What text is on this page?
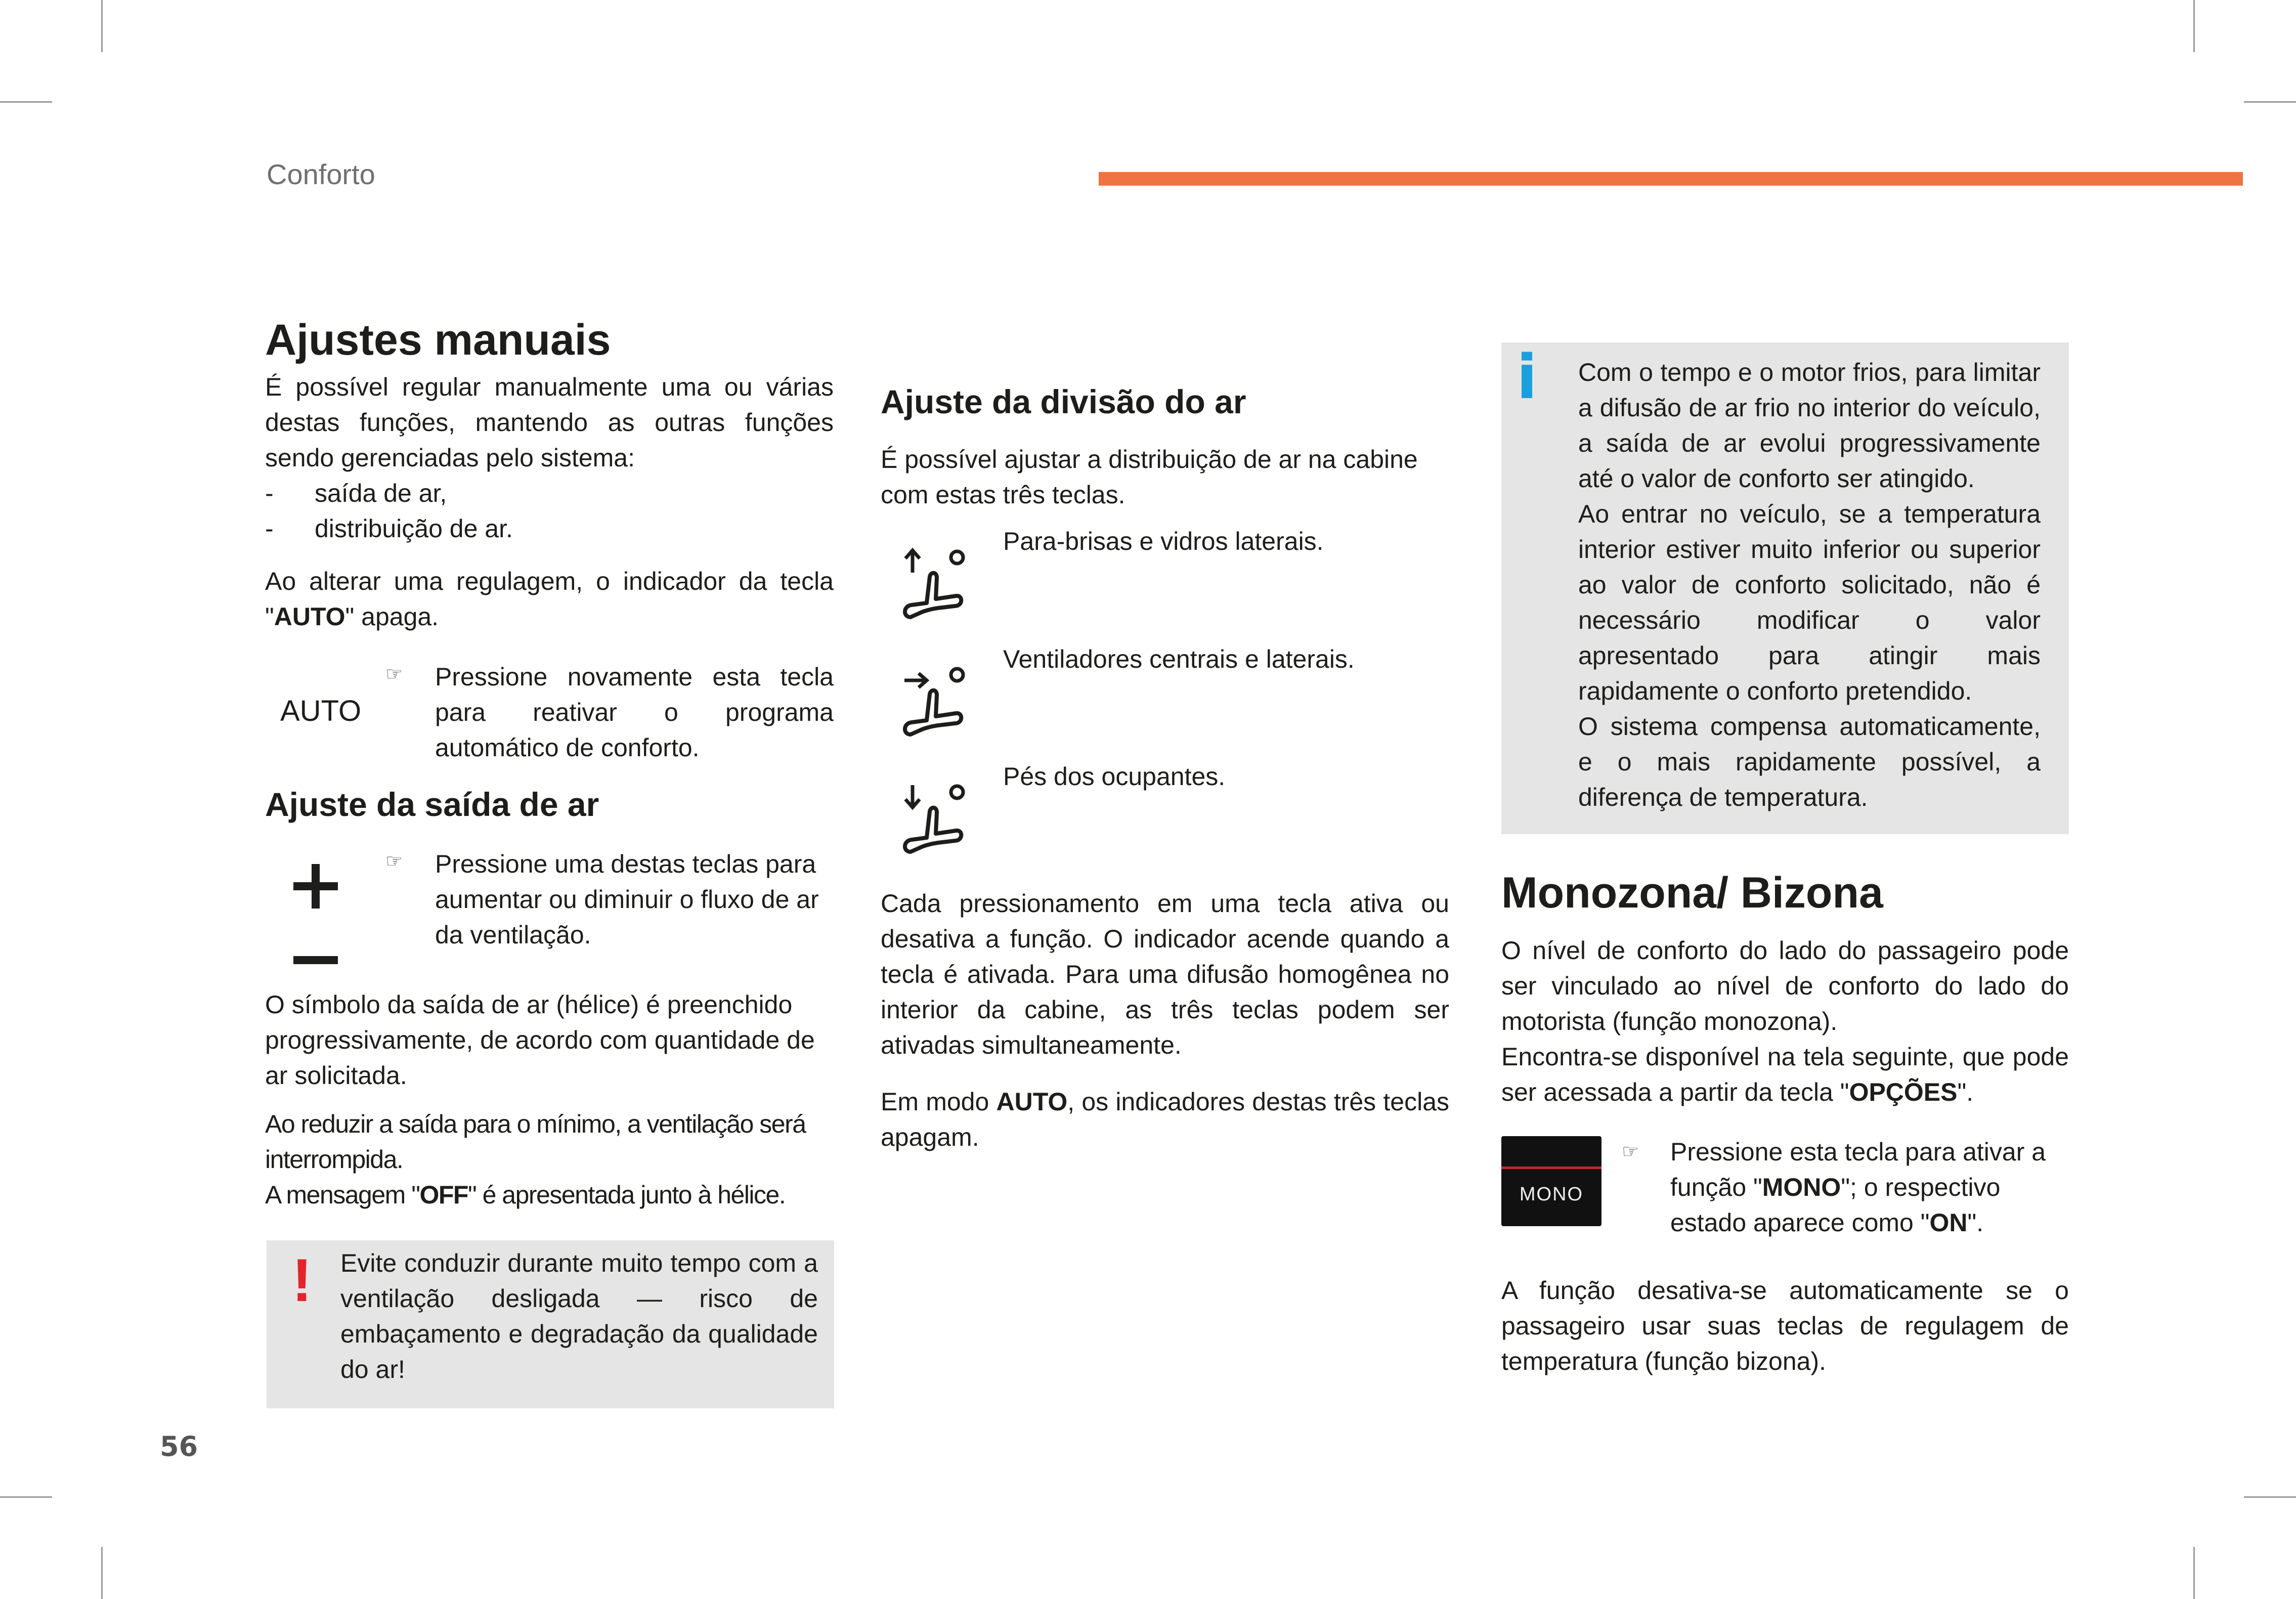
Conforto
Ajustes manuais

É possível regular manualmente uma ou várias destas funções, mantendo as outras funções sendo gerenciadas pelo sistema:

-	saída de ar,
-	distribuição de ar.

Ao alterar uma regulagem, o indicador da tecla "AUTO" apaga.

AUTO
☞ Pressione novamente esta tecla para reativar o programa automático de conforto.
Ajuste da saída de ar
☞ Pressione uma destas teclas para aumentar ou diminuir o fluxo de ar da ventilação.
O símbolo da saída de ar (hélice) é preenchido progressivamente, de acordo com quantidade de ar solicitada.

Ao reduzir a saída para o mínimo, a ventilação será interrompida.

A mensagem "OFF" é apresentada junto à hélice.

! Evite conduzir durante muito tempo com a ventilação desligada — risco de embaçamento e degradação da qualidade do ar!
Ajuste da divisão do ar
É possível ajustar a distribuição de ar na cabine com estas três teclas.
Para-brisas e vidros laterais.
Ventiladores centrais e laterais.
Pés dos ocupantes.
Cada pressionamento em uma tecla ativa ou desativa a função. O indicador acende quando a tecla é ativada. Para uma difusão homogênea no interior da cabine, as três teclas podem ser ativadas simultaneamente.
Em modo AUTO, os indicadores destas três teclas apagam.
i Com o tempo e o motor frios, para limitar a difusão de ar frio no interior do veículo, a saída de ar evolui progressivamente até o valor de conforto ser atingido.

Ao entrar no veículo, se a temperatura interior estiver muito inferior ou superior ao valor de conforto solicitado, não é necessário modificar o valor apresentado para atingir mais rapidamente o conforto pretendido.

O sistema compensa automaticamente, e o mais rapidamente possível, a diferença de temperatura.

Monozona/ Bizona

O nível de conforto do lado do passageiro pode ser vinculado ao nível de conforto do lado do motorista (função monozona).

Encontra-se disponível na tela seguinte, que pode ser acessada a partir da tecla "OPÇÕES".

MONO
☞ Pressione esta tecla para ativar a função "MONO"; o respectivo estado aparece como "ON".
A função desativa-se automaticamente se o passageiro usar suas teclas de regulagem de temperatura (função bizona).
56
